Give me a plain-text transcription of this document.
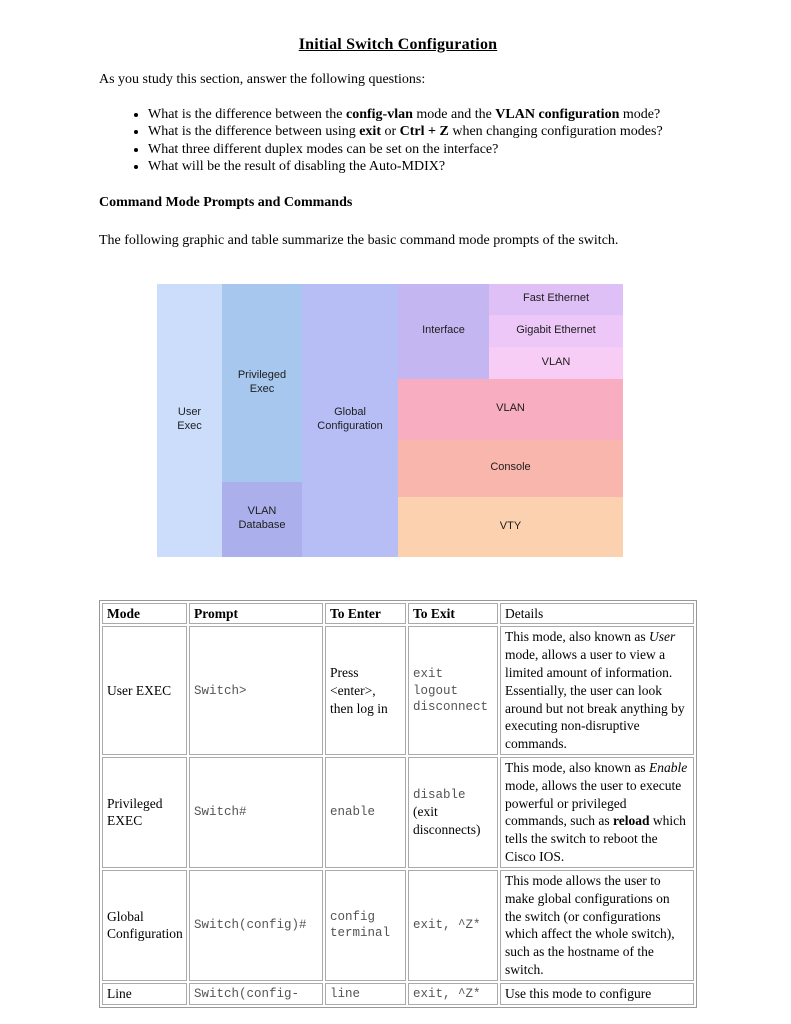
Initial Switch Configuration

As you study this section, answer the following questions:

• What is the difference between the config-vlan mode and the VLAN configuration mode?
• What is the difference between using exit or Ctrl + Z when changing configuration modes?
• What three different duplex modes can be set on the interface?
• What will be the result of disabling the Auto-MDIX?
Command Mode Prompts and Commands

The following graphic and table summarize the basic command mode prompts of the switch.

User
Exec
Privileged
Exec
VLAN
Database
Global
Configuration
Interface
Fast Ethernet
Gigabit Ethernet
VLAN
VLAN
Console
VTY
Mode	Prompt	To Enter	To Exit	Details
User EXEC	Switch>	Press <enter>, then log in	exit
logout
disconnect	This mode, also known as User mode, allows a user to view a limited amount of information. Essentially, the user can look around but not break anything by executing non-disruptive commands.
Privileged EXEC	Switch#	enable	disable
(exit disconnects)	This mode, also known as Enable mode, allows the user to execute powerful or privileged commands, such as reload which tells the switch to reboot the Cisco IOS.
Global Configuration	Switch(config)#	config terminal	exit, ^Z*	This mode allows the user to make global configurations on the switch (or configurations which affect the whole switch), such as the hostname of the switch.
Line	Switch(config-	line	exit, ^Z*	Use this mode to configure
